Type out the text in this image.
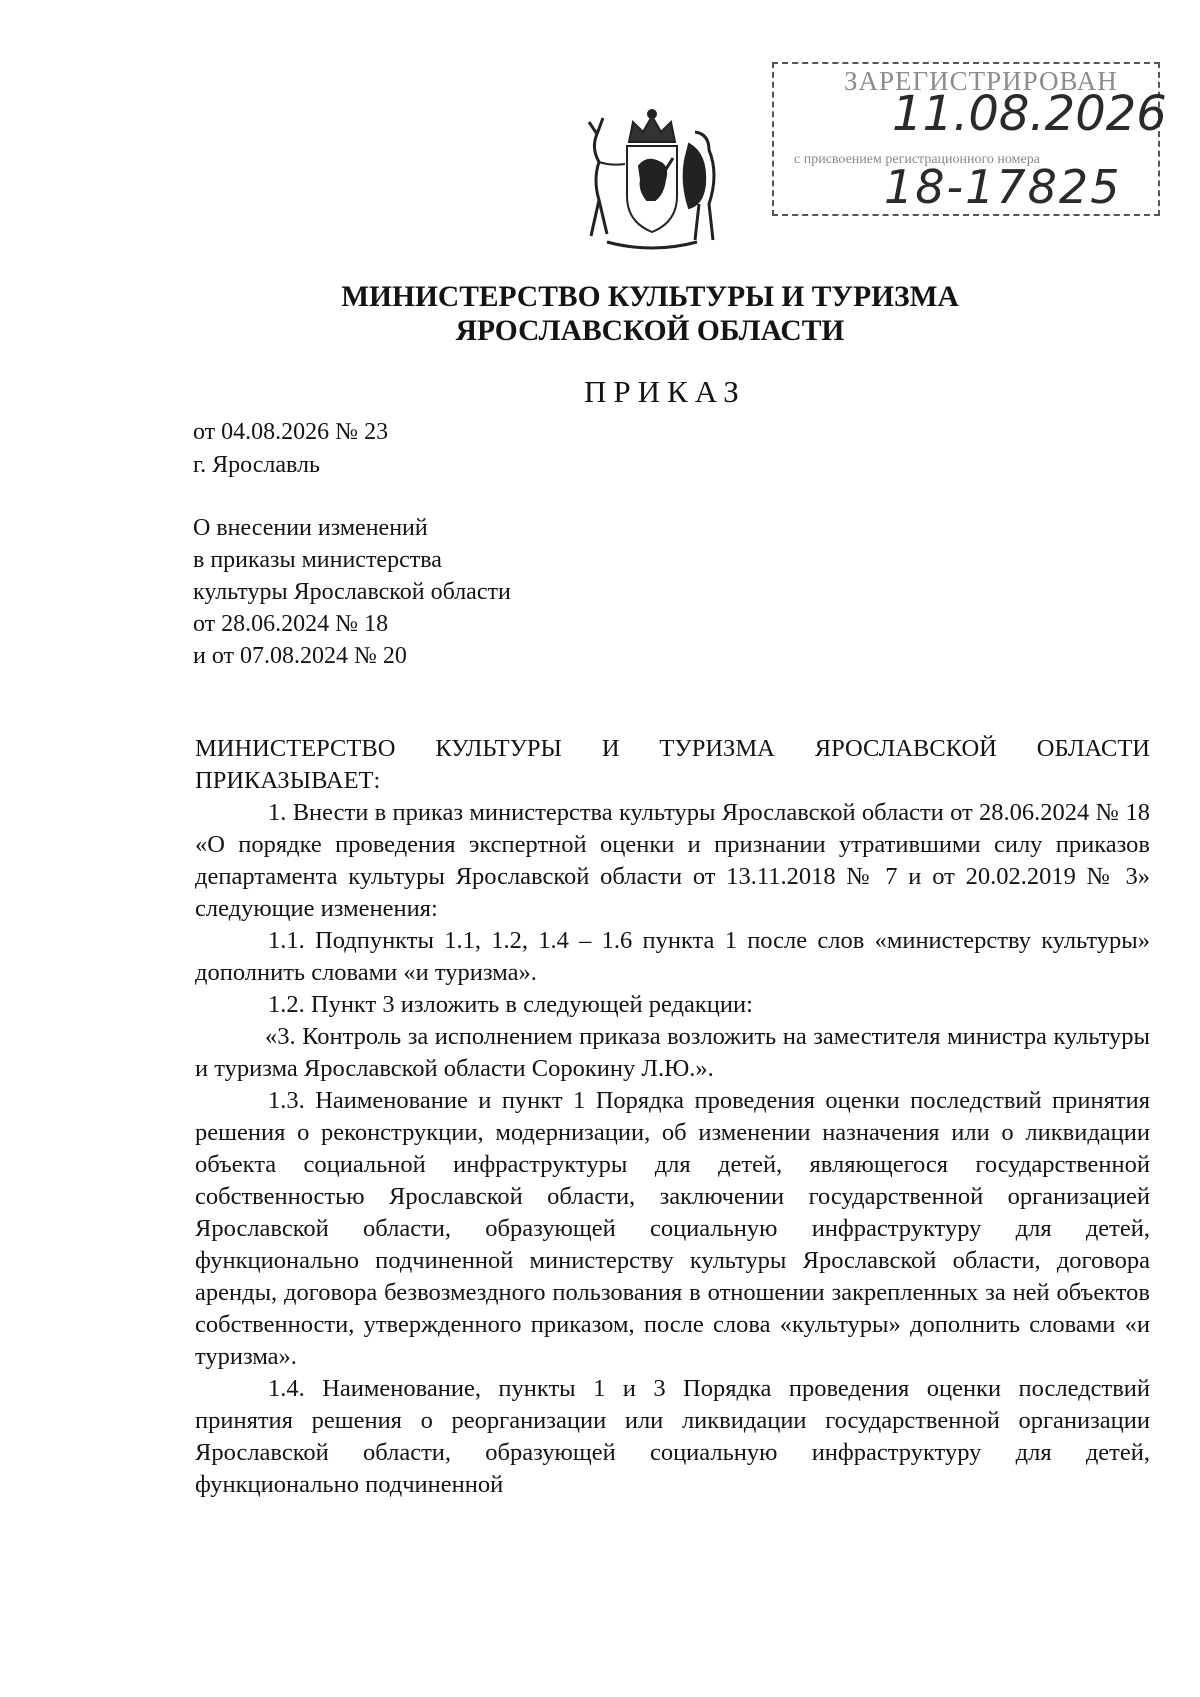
ЗАРЕГИСТРИРОВАН
11.08.2026
с присвоением регистрационного номера
18-17825
МИНИСТЕРСТВО КУЛЬТУРЫ И ТУРИЗМА
ЯРОСЛАВСКОЙ ОБЛАСТИ
ПРИКАЗ
от 04.08.2026 № 23
г. Ярославль
О внесении изменений
в приказы министерства
культуры Ярославской области
от 28.06.2024 № 18
и от 07.08.2024 № 20

МИНИСТЕРСТВО КУЛЬТУРЫ И ТУРИЗМА ЯРОСЛАВСКОЙ ОБЛАСТИ ПРИКАЗЫВАЕТ:

1. Внести в приказ министерства культуры Ярославской области от 28.06.2024 № 18 «О порядке проведения экспертной оценки и признании утратившими силу приказов департамента культуры Ярославской области от 13.11.2018 № 7 и от 20.02.2019 № 3» следующие изменения:

1.1. Подпункты 1.1, 1.2, 1.4 – 1.6 пункта 1 после слов «министерству культуры» дополнить словами «и туризма».

1.2. Пункт 3 изложить в следующей редакции:

«3. Контроль за исполнением приказа возложить на заместителя министра культуры и туризма Ярославской области Сорокину Л.Ю.».

1.3. Наименование и пункт 1 Порядка проведения оценки последствий принятия решения о реконструкции, модернизации, об изменении назначения или о ликвидации объекта социальной инфраструктуры для детей, являющегося государственной собственностью Ярославской области, заключении государственной организацией Ярославской области, образующей социальную инфраструктуру для детей, функционально подчиненной министерству культуры Ярославской области, договора аренды, договора безвозмездного пользования в отношении закрепленных за ней объектов собственности, утвержденного приказом, после слова «культуры» дополнить словами «и туризма».

1.4. Наименование, пункты 1 и 3 Порядка проведения оценки последствий принятия решения о реорганизации или ликвидации государственной организации Ярославской области, образующей социальную инфраструктуру для детей, функционально подчиненной
